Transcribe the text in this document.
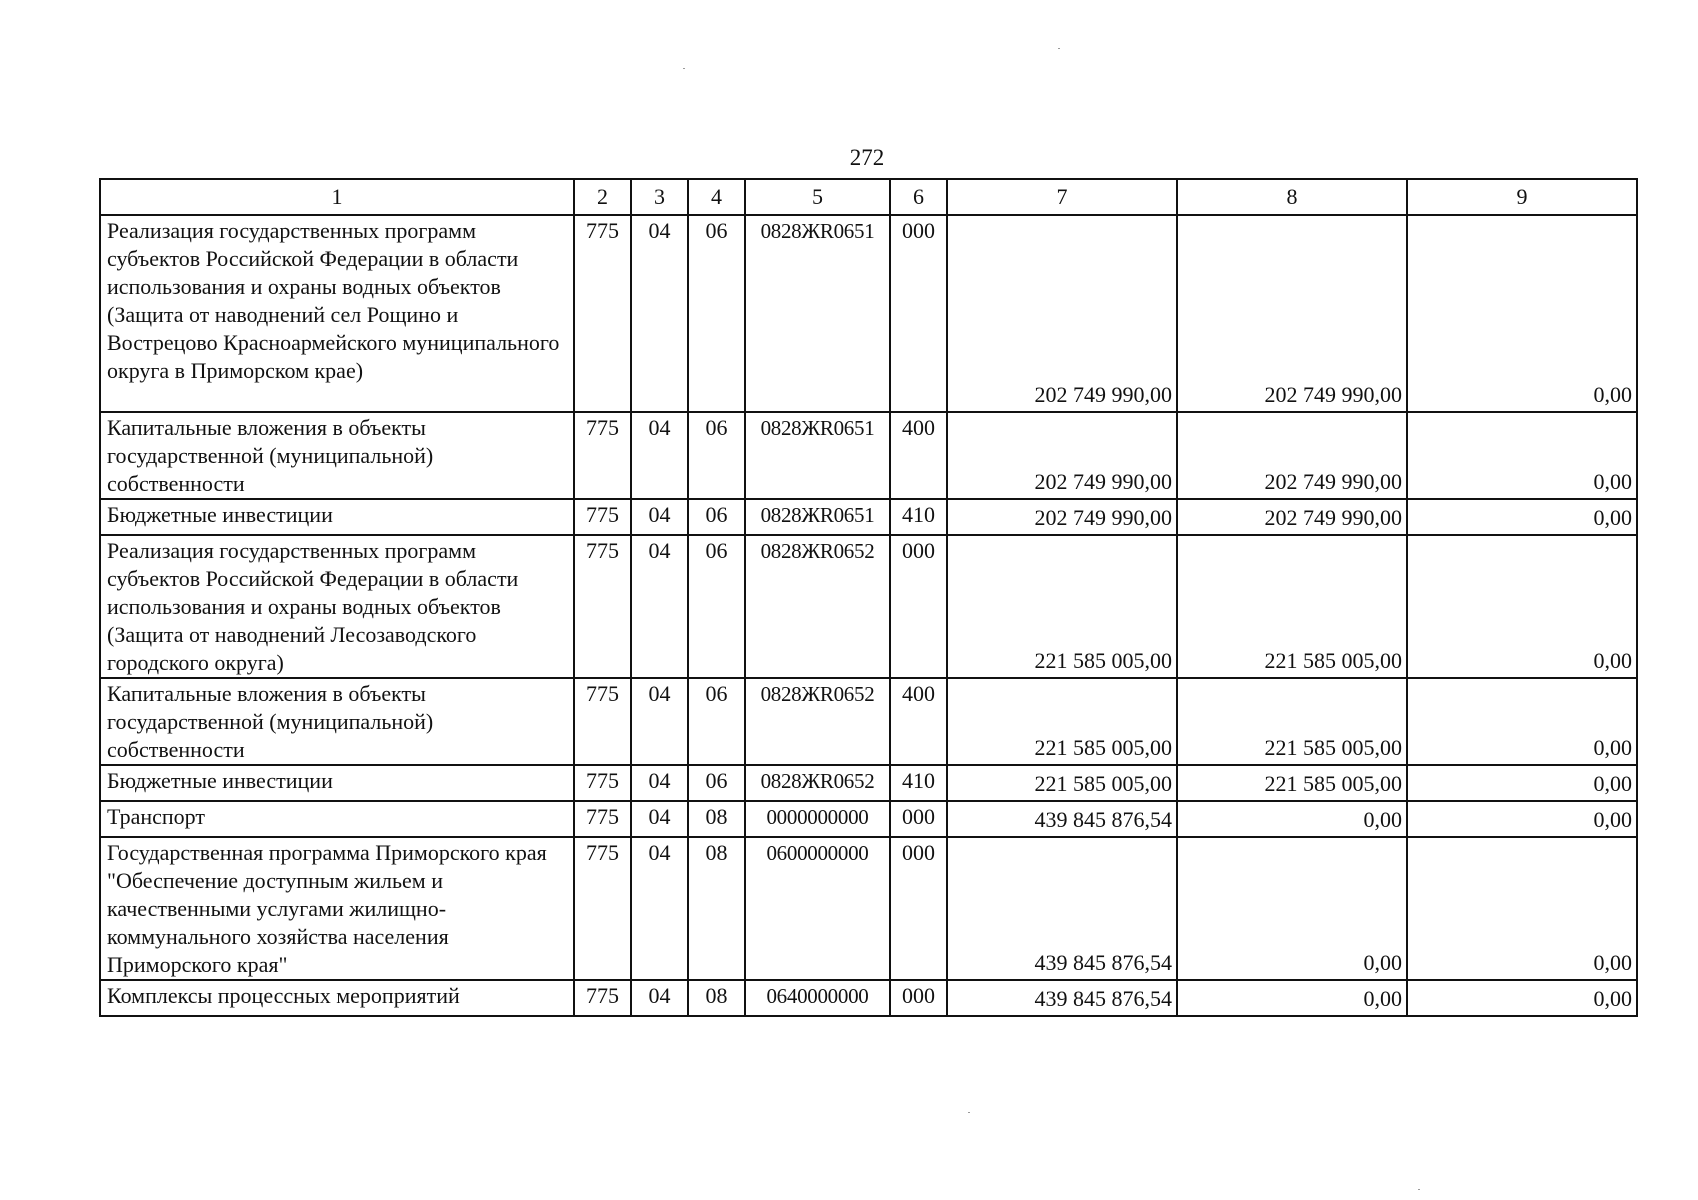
272
1	2	3	4	5	6	7	8	9
Реализация государственных программ субъектов Российской Федерации в области использования и охраны водных объектов (Защита от наводнений сел Рощино и Вострецово Красноармейского муниципального округа в Приморском крае)	775	04	06	0828ЖR0651	000	202 749 990,00	202 749 990,00	0,00
Капитальные вложения в объекты государственной (муниципальной) собственности	775	04	06	0828ЖR0651	400	202 749 990,00	202 749 990,00	0,00
Бюджетные инвестиции	775	04	06	0828ЖR0651	410	202 749 990,00	202 749 990,00	0,00
Реализация государственных программ субъектов Российской Федерации в области использования и охраны водных объектов (Защита от наводнений Лесозаводского городского округа)	775	04	06	0828ЖR0652	000	221 585 005,00	221 585 005,00	0,00
Капитальные вложения в объекты государственной (муниципальной) собственности	775	04	06	0828ЖR0652	400	221 585 005,00	221 585 005,00	0,00
Бюджетные инвестиции	775	04	06	0828ЖR0652	410	221 585 005,00	221 585 005,00	0,00
Транспорт	775	04	08	0000000000	000	439 845 876,54	0,00	0,00
Государственная программа Приморского края "Обеспечение доступным жильем и качественными услугами жилищно-коммунального хозяйства населения Приморского края"	775	04	08	0600000000	000	439 845 876,54	0,00	0,00
Комплексы процессных мероприятий	775	04	08	0640000000	000	439 845 876,54	0,00	0,00
